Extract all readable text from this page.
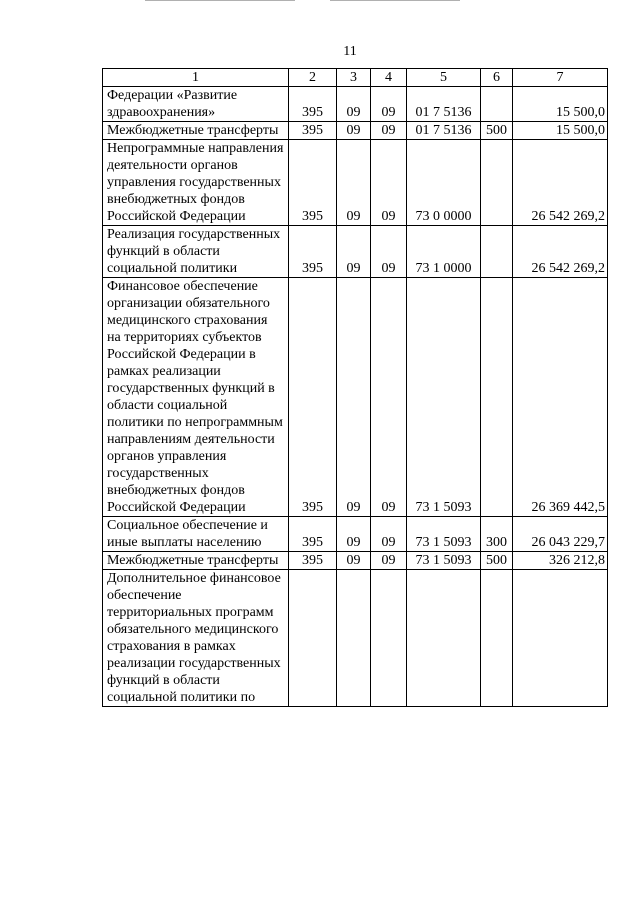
11
1	2	3	4	5	6	7
Федерации «Развитие здравоохранения»	395	09	09	01 7 5136		15 500,0
Межбюджетные трансферты	395	09	09	01 7 5136	500	15 500,0
Непрограммные направления деятельности органов управления государственных внебюджетных фондов Российской Федерации	395	09	09	73 0 0000		26 542 269,2
Реализация государственных функций в области социальной политики	395	09	09	73 1 0000		26 542 269,2
Финансовое обеспечение организации обязательного медицинского страхования на территориях субъектов Российской Федерации в рамках реализации государственных функций в области социальной политики по непрограммным направлениям деятельности органов управления государственных внебюджетных фондов Российской Федерации	395	09	09	73 1 5093		26 369 442,5
Социальное обеспечение и иные выплаты населению	395	09	09	73 1 5093	300	26 043 229,7
Межбюджетные трансферты	395	09	09	73 1 5093	500	326 212,8
Дополнительное финансовое обеспечение территориальных программ обязательного медицинского страхования в рамках реализации государственных функций в области социальной политики по						
